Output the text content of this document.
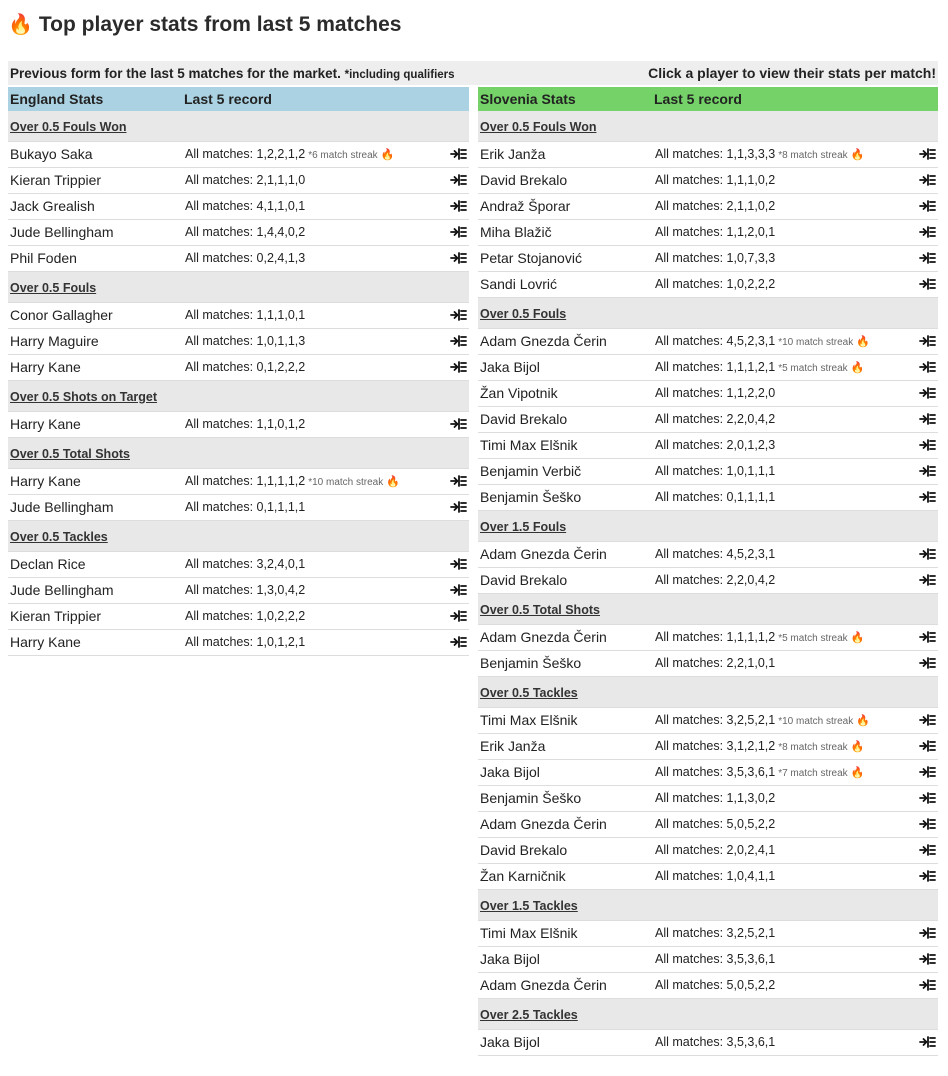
🔥 Top player stats from last 5 matches
Previous form for the last 5 matches for the market. *including qualifiers	Click a player to view their stats per match!
England Stats	Last 5 record
Over 0.5 Fouls Won
Bukayo Saka	All matches: 1,2,2,1,2 *6 match streak 🔥
Kieran Trippier	All matches: 2,1,1,1,0
Jack Grealish	All matches: 4,1,1,0,1
Jude Bellingham	All matches: 1,4,4,0,2
Phil Foden	All matches: 0,2,4,1,3
Over 0.5 Fouls
Conor Gallagher	All matches: 1,1,1,0,1
Harry Maguire	All matches: 1,0,1,1,3
Harry Kane	All matches: 0,1,2,2,2
Over 0.5 Shots on Target
Harry Kane	All matches: 1,1,0,1,2
Over 0.5 Total Shots
Harry Kane	All matches: 1,1,1,1,2 *10 match streak 🔥
Jude Bellingham	All matches: 0,1,1,1,1
Over 0.5 Tackles
Declan Rice	All matches: 3,2,4,0,1
Jude Bellingham	All matches: 1,3,0,4,2
Kieran Trippier	All matches: 1,0,2,2,2
Harry Kane	All matches: 1,0,1,2,1
Slovenia Stats	Last 5 record
Over 0.5 Fouls Won
Erik Janža	All matches: 1,1,3,3,3 *8 match streak 🔥
David Brekalo	All matches: 1,1,1,0,2
Andraž Šporar	All matches: 2,1,1,0,2
Miha Blažič	All matches: 1,1,2,0,1
Petar Stojanović	All matches: 1,0,7,3,3
Sandi Lovrić	All matches: 1,0,2,2,2
Over 0.5 Fouls
Adam Gnezda Čerin	All matches: 4,5,2,3,1 *10 match streak 🔥
Jaka Bijol	All matches: 1,1,1,2,1 *5 match streak 🔥
Žan Vipotnik	All matches: 1,1,2,2,0
David Brekalo	All matches: 2,2,0,4,2
Timi Max Elšnik	All matches: 2,0,1,2,3
Benjamin Verbič	All matches: 1,0,1,1,1
Benjamin Šeško	All matches: 0,1,1,1,1
Over 1.5 Fouls
Adam Gnezda Čerin	All matches: 4,5,2,3,1
David Brekalo	All matches: 2,2,0,4,2
Over 0.5 Total Shots
Adam Gnezda Čerin	All matches: 1,1,1,1,2 *5 match streak 🔥
Benjamin Šeško	All matches: 2,2,1,0,1
Over 0.5 Tackles
Timi Max Elšnik	All matches: 3,2,5,2,1 *10 match streak 🔥
Erik Janža	All matches: 3,1,2,1,2 *8 match streak 🔥
Jaka Bijol	All matches: 3,5,3,6,1 *7 match streak 🔥
Benjamin Šeško	All matches: 1,1,3,0,2
Adam Gnezda Čerin	All matches: 5,0,5,2,2
David Brekalo	All matches: 2,0,2,4,1
Žan Karničnik	All matches: 1,0,4,1,1
Over 1.5 Tackles
Timi Max Elšnik	All matches: 3,2,5,2,1
Jaka Bijol	All matches: 3,5,3,6,1
Adam Gnezda Čerin	All matches: 5,0,5,2,2
Over 2.5 Tackles
Jaka Bijol	All matches: 3,5,3,6,1
